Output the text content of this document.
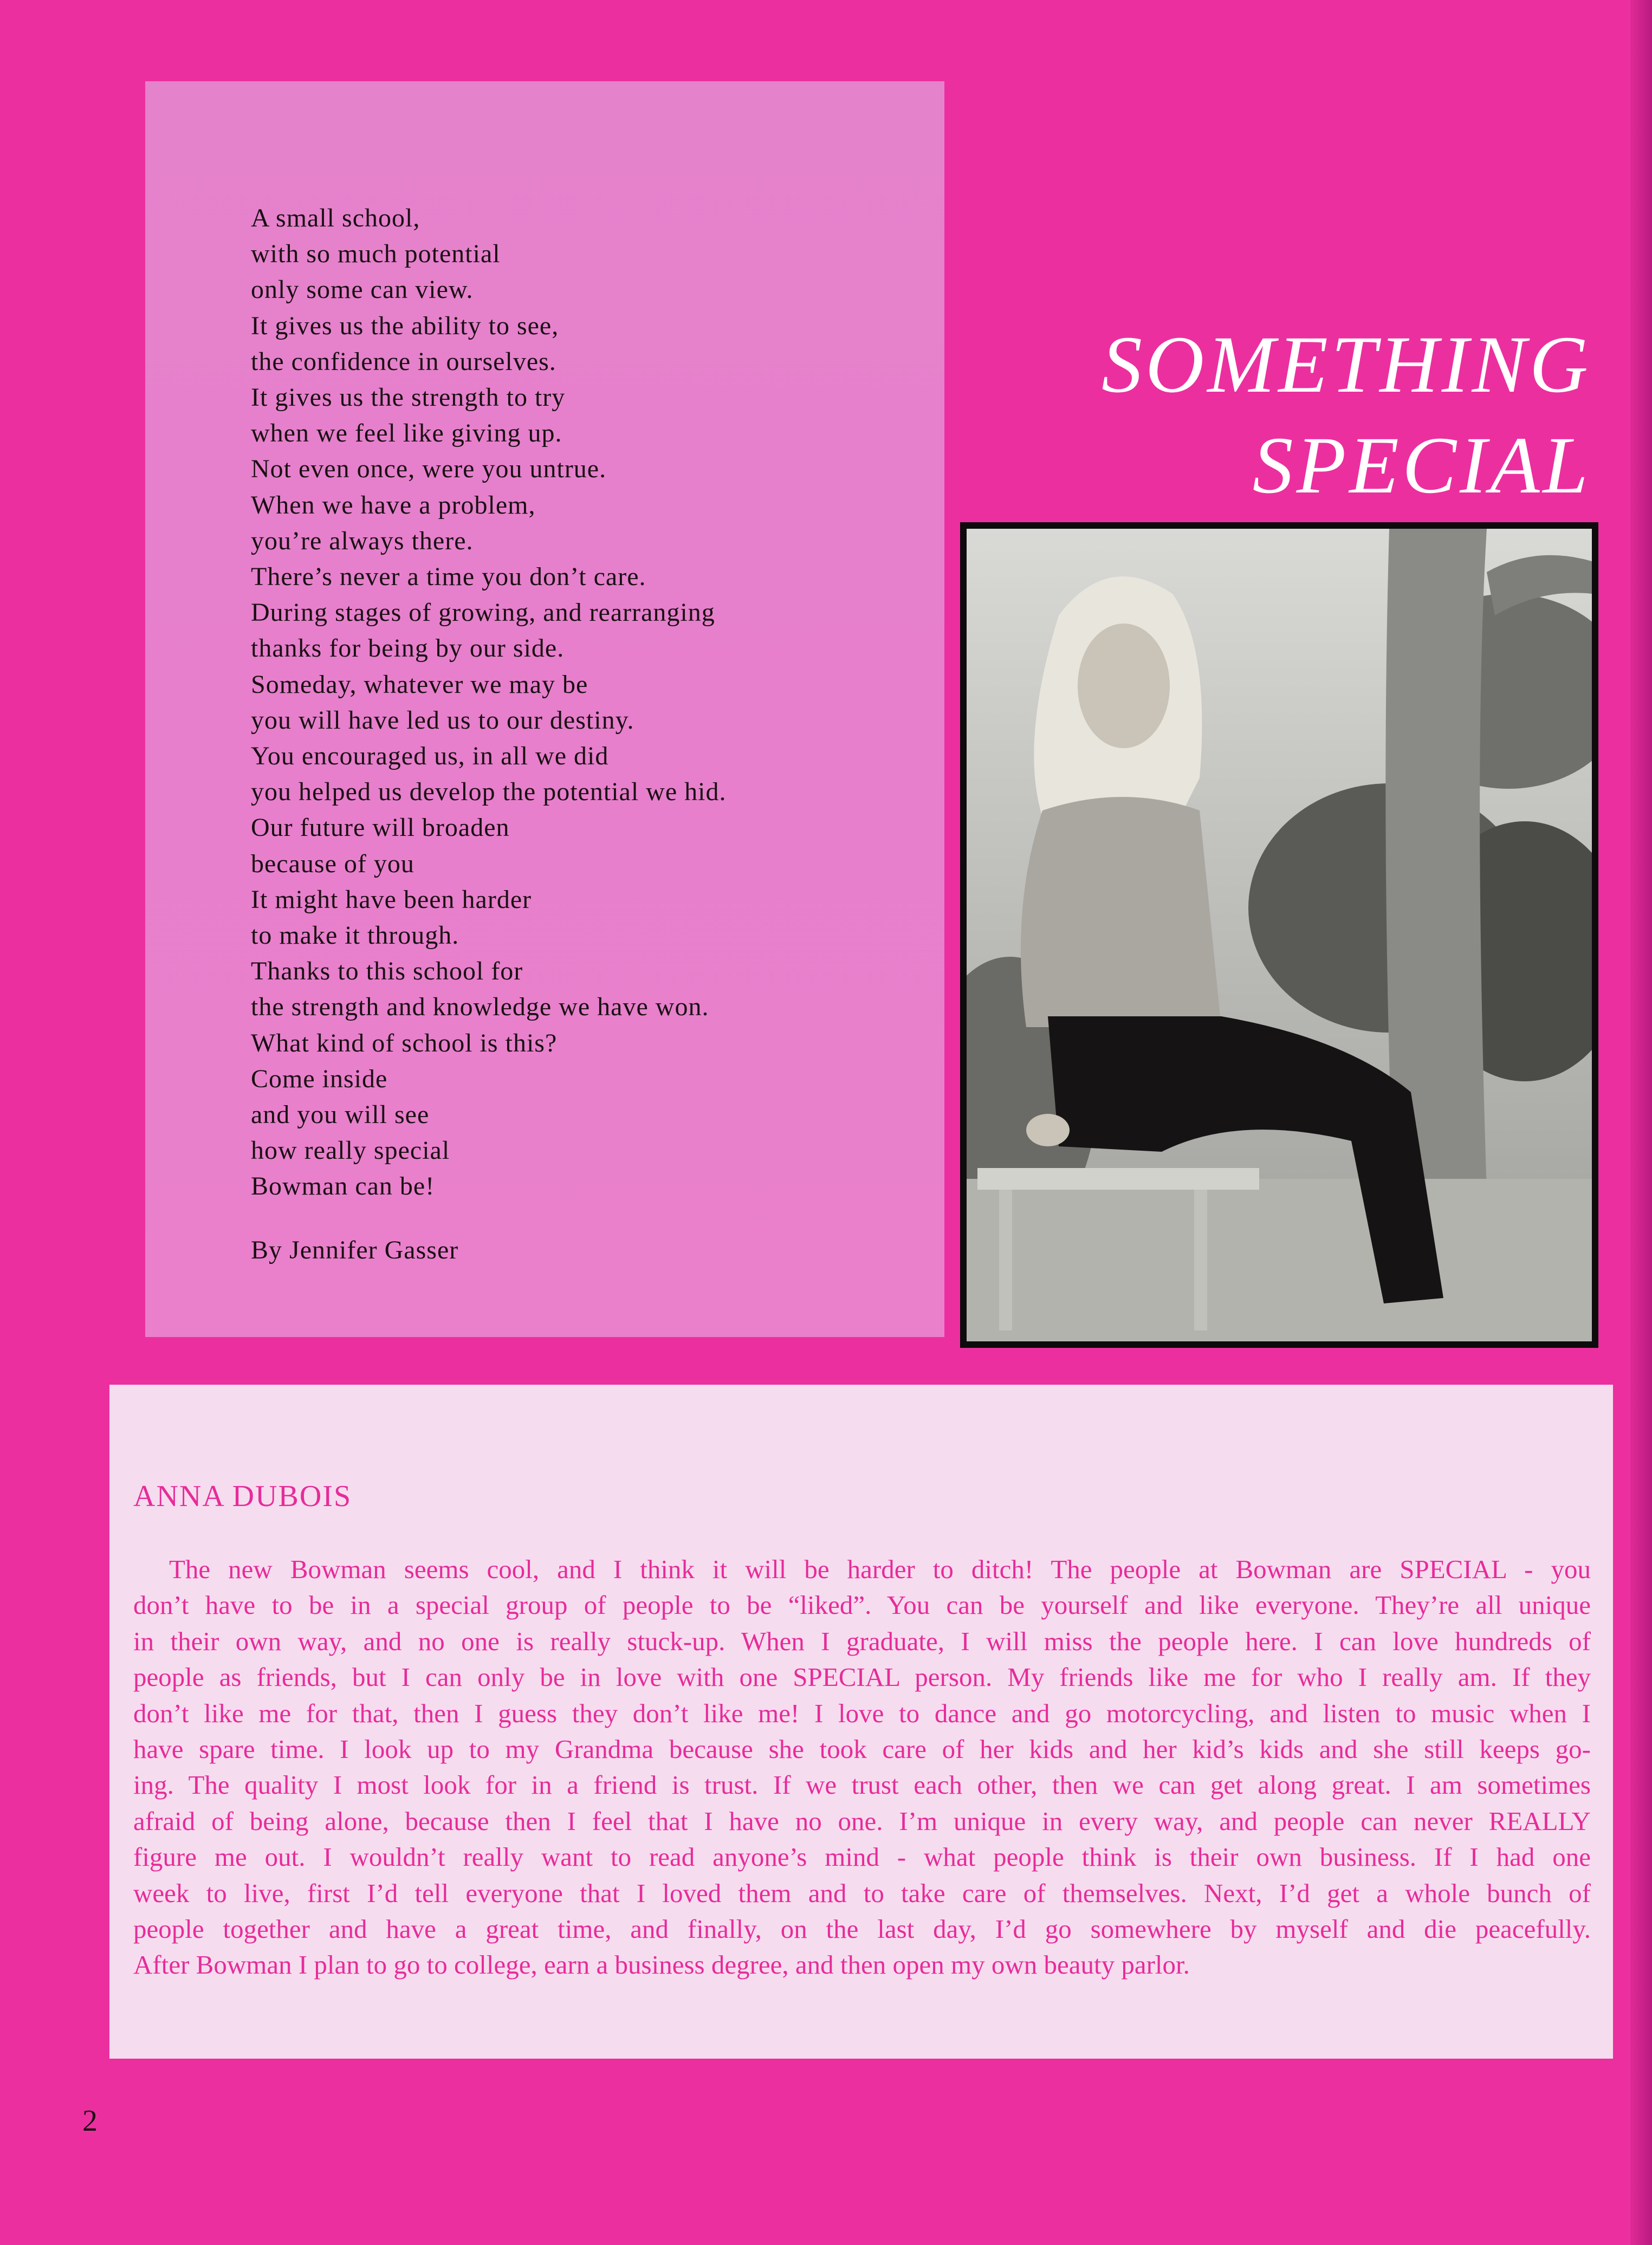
A small school,
with so much potential
only some can view.
It gives us the ability to see,
the confidence in ourselves.
It gives us the strength to try
when we feel like giving up.
Not even once, were you untrue.
When we have a problem,
you’re always there.
There’s never a time you don’t care.
During stages of growing, and rearranging
thanks for being by our side.
Someday, whatever we may be
you will have led us to our destiny.
You encouraged us, in all we did
you helped us develop the potential we hid.
Our future will broaden
because of you
It might have been harder
to make it through.
Thanks to this school for
the strength and knowledge we have won.
What kind of school is this?
Come inside
and you will see
how really special
Bowman can be!
By Jennifer Gasser
SOMETHING
SPECIAL
ANNA DUBOIS
The new Bowman seems cool, and I think it will be harder to ditch! The people at Bowman are SPECIAL - you
don’t have to be in a special group of people to be “liked”. You can be yourself and like everyone. They’re all unique
in their own way, and no one is really stuck-up. When I graduate, I will miss the people here. I can love hundreds of
people as friends, but I can only be in love with one SPECIAL person. My friends like me for who I really am. If they
don’t like me for that, then I guess they don’t like me! I love to dance and go motorcycling, and listen to music when I
have spare time. I look up to my Grandma because she took care of her kids and her kid’s kids and she still keeps go-
ing. The quality I most look for in a friend is trust. If we trust each other, then we can get along great. I am sometimes
afraid of being alone, because then I feel that I have no one. I’m unique in every way, and people can never REALLY
figure me out. I wouldn’t really want to read anyone’s mind - what people think is their own business. If I had one
week to live, first I’d tell everyone that I loved them and to take care of themselves. Next, I’d get a whole bunch of
people together and have a great time, and finally, on the last day, I’d go somewhere by myself and die peacefully.
After Bowman I plan to go to college, earn a business degree, and then open my own beauty parlor.
2
